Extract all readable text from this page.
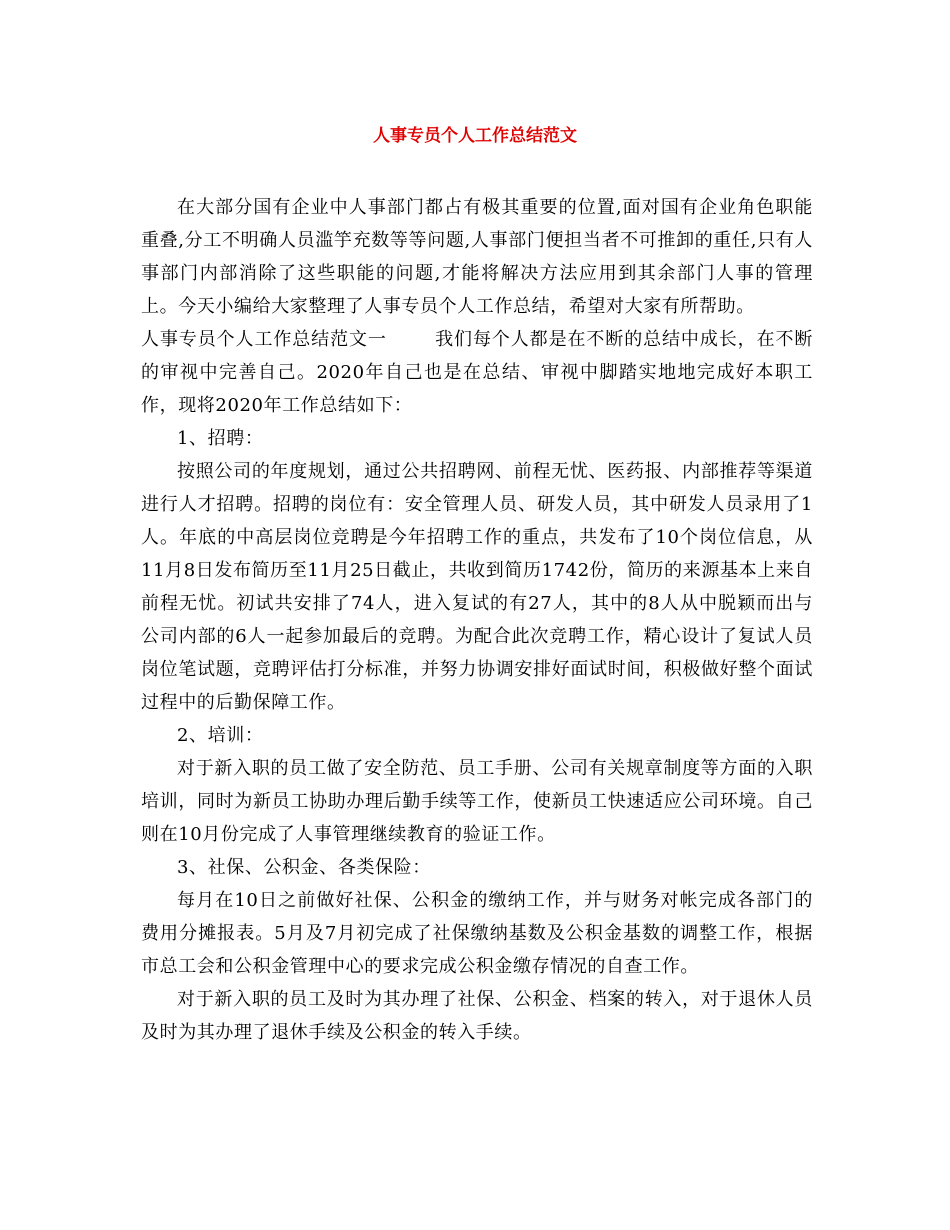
人事专员个人工作总结范文

在大部分国有企业中人事部门都占有极其重要的位置,面对国有企业角色职能重叠,分工不明确人员滥竽充数等等问题,人事部门便担当者不可推卸的重任,只有人事部门内部消除了这些职能的问题,才能将解决方法应用到其余部门人事的管理上。今天小编给大家整理了人事专员个人工作总结，希望对大家有所帮助。

人事专员个人工作总结范文一	我们每个人都是在不断的总结中成长，在不断的审视中完善自己。2020年自己也是在总结、审视中脚踏实地地完成好本职工作，现将2020年工作总结如下：

1、招聘：

按照公司的年度规划，通过公共招聘网、前程无忧、医药报、内部推荐等渠道进行人才招聘。招聘的岗位有：安全管理人员、研发人员，其中研发人员录用了1人。年底的中高层岗位竞聘是今年招聘工作的重点，共发布了10个岗位信息，从11月8日发布简历至11月25日截止，共收到简历1742份，简历的来源基本上来自前程无忧。初试共安排了74人，进入复试的有27人，其中的8人从中脱颖而出与公司内部的6人一起参加最后的竞聘。为配合此次竞聘工作，精心设计了复试人员岗位笔试题，竞聘评估打分标准，并努力协调安排好面试时间，积极做好整个面试过程中的后勤保障工作。

2、培训：

对于新入职的员工做了安全防范、员工手册、公司有关规章制度等方面的入职培训，同时为新员工协助办理后勤手续等工作，使新员工快速适应公司环境。自己则在10月份完成了人事管理继续教育的验证工作。

3、社保、公积金、各类保险：

每月在10日之前做好社保、公积金的缴纳工作，并与财务对帐完成各部门的费用分摊报表。5月及7月初完成了社保缴纳基数及公积金基数的调整工作，根据市总工会和公积金管理中心的要求完成公积金缴存情况的自查工作。

对于新入职的员工及时为其办理了社保、公积金、档案的转入，对于退休人员及时为其办理了退休手续及公积金的转入手续。
